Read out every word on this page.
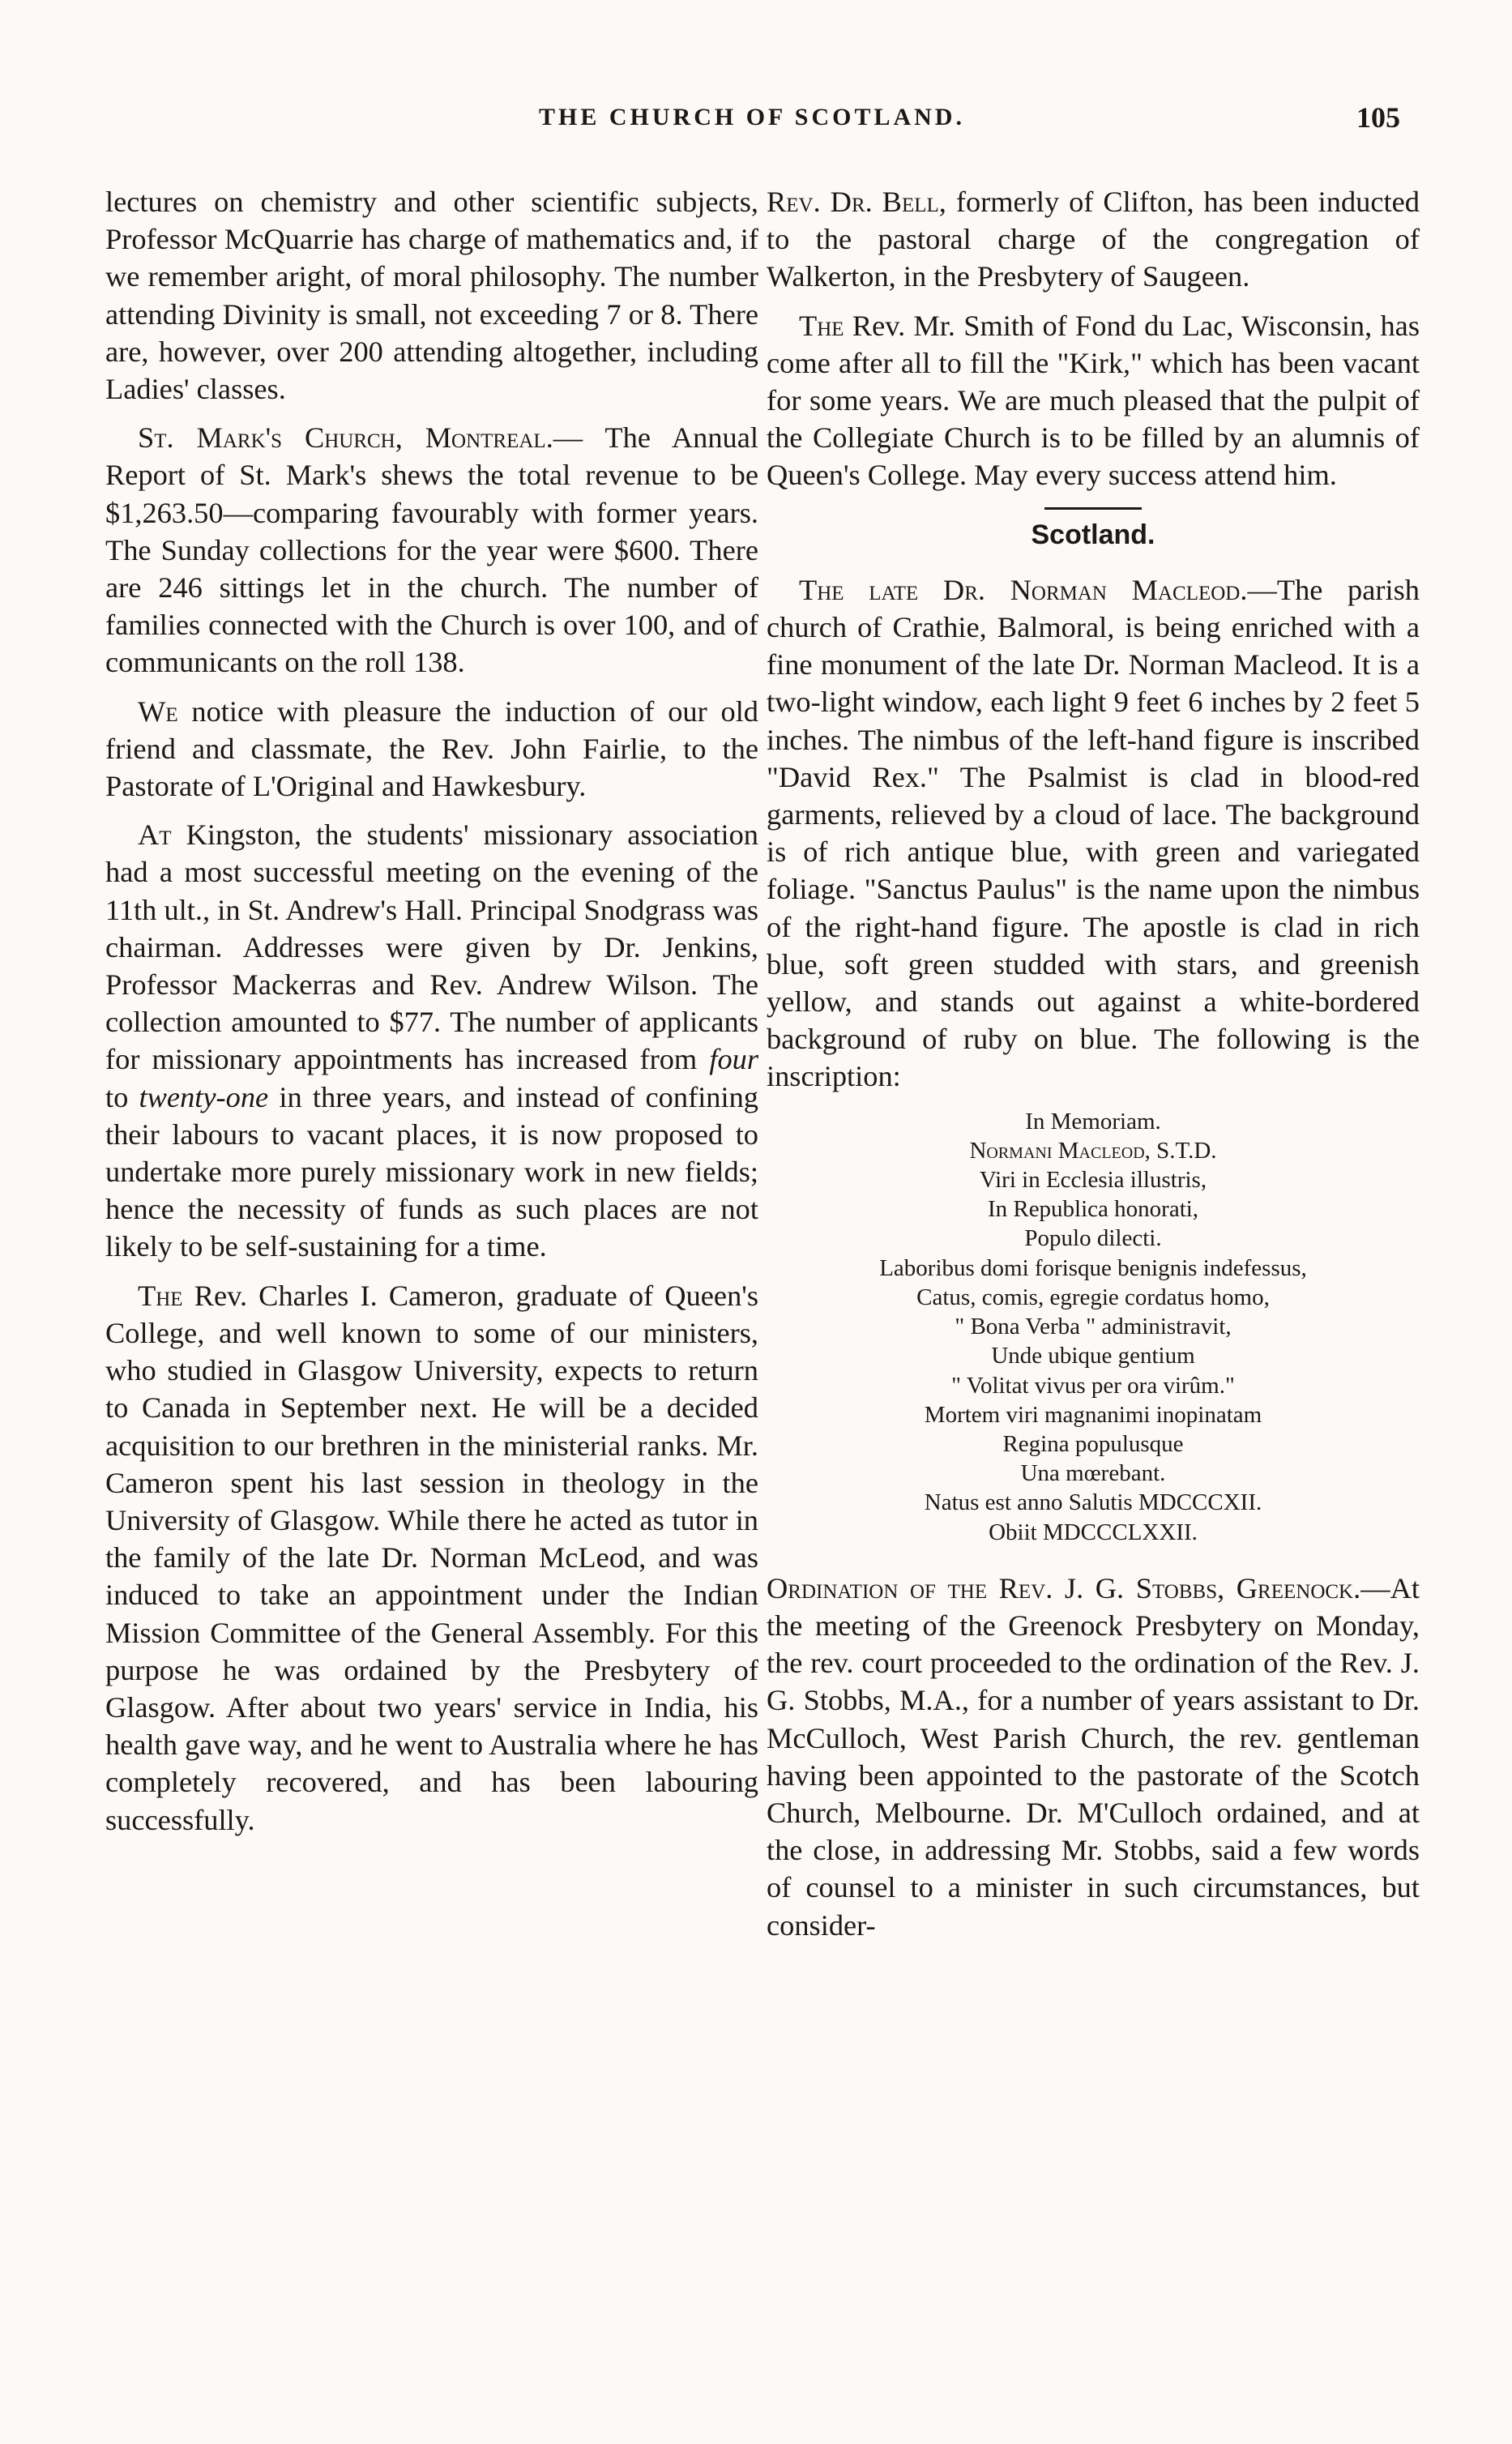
THE CHURCH OF SCOTLAND.	105

lectures on chemistry and other scientific subjects, Professor McQuarrie has charge of mathematics and, if we remember aright, of moral philosophy. The number attending Divinity is small, not exceeding 7 or 8. There are, however, over 200 attending altogether, including Ladies' classes.

St. Mark's Church, Montreal.— The Annual Report of St. Mark's shews the total revenue to be $1,263.50—comparing favourably with former years. The Sunday collections for the year were $600. There are 246 sittings let in the church. The number of families connected with the Church is over 100, and of communicants on the roll 138.

We notice with pleasure the induction of our old friend and classmate, the Rev. John Fairlie, to the Pastorate of L'Original and Hawkesbury.

At Kingston, the students' missionary association had a most successful meeting on the evening of the 11th ult., in St. Andrew's Hall. Principal Snodgrass was chairman. Addresses were given by Dr. Jenkins, Professor Mackerras and Rev. Andrew Wilson. The collection amounted to $77. The number of applicants for missionary appointments has increased from four to twenty-one in three years, and instead of confining their labours to vacant places, it is now proposed to undertake more purely missionary work in new fields; hence the necessity of funds as such places are not likely to be self-sustaining for a time.

The Rev. Charles I. Cameron, graduate of Queen's College, and well known to some of our ministers, who studied in Glasgow University, expects to return to Canada in September next. He will be a decided acquisition to our brethren in the ministerial ranks. Mr. Cameron spent his last session in theology in the University of Glasgow. While there he acted as tutor in the family of the late Dr. Norman McLeod, and was induced to take an appointment under the Indian Mission Committee of the General Assembly. For this purpose he was ordained by the Presbytery of Glasgow. After about two years' service in India, his health gave way, and he went to Australia where he has completely recovered, and has been labouring successfully.

Rev. Dr. Bell, formerly of Clifton, has been inducted to the pastoral charge of the congregation of Walkerton, in the Presbytery of Saugeen.

The Rev. Mr. Smith of Fond du Lac, Wisconsin, has come after all to fill the "Kirk," which has been vacant for some years. We are much pleased that the pulpit of the Collegiate Church is to be filled by an alumnis of Queen's College. May every success attend him.

Scotland.

The late Dr. Norman Macleod.—The parish church of Crathie, Balmoral, is being enriched with a fine monument of the late Dr. Norman Macleod. It is a two-light window, each light 9 feet 6 inches by 2 feet 5 inches. The nimbus of the left-hand figure is inscribed "David Rex." The Psalmist is clad in blood-red garments, relieved by a cloud of lace. The background is of rich antique blue, with green and variegated foliage. "Sanctus Paulus" is the name upon the nimbus of the right-hand figure. The apostle is clad in rich blue, soft green studded with stars, and greenish yellow, and stands out against a white-bordered background of ruby on blue. The following is the inscription:

In Memoriam.
Normani Macleod, S.T.D.
Viri in Ecclesia illustris,
In Republica honorati,
Populo dilecti.
Laboribus domi forisque benignis indefessus,
Catus, comis, egregie cordatus homo,
" Bona Verba " administravit,
Unde ubique gentium
" Volitat vivus per ora virûm."
Mortem viri magnanimi inopinatam
Regina populusque
Una mœrebant.
Natus est anno Salutis MDCCCXII.
Obiit MDCCCLXXII.

Ordination of the Rev. J. G. Stobbs, Greenock.—At the meeting of the Greenock Presbytery on Monday, the rev. court proceeded to the ordination of the Rev. J. G. Stobbs, M.A., for a number of years assistant to Dr. McCulloch, West Parish Church, the rev. gentleman having been appointed to the pastorate of the Scotch Church, Melbourne. Dr. M'Culloch ordained, and at the close, in addressing Mr. Stobbs, said a few words of counsel to a minister in such circumstances, but consider-
